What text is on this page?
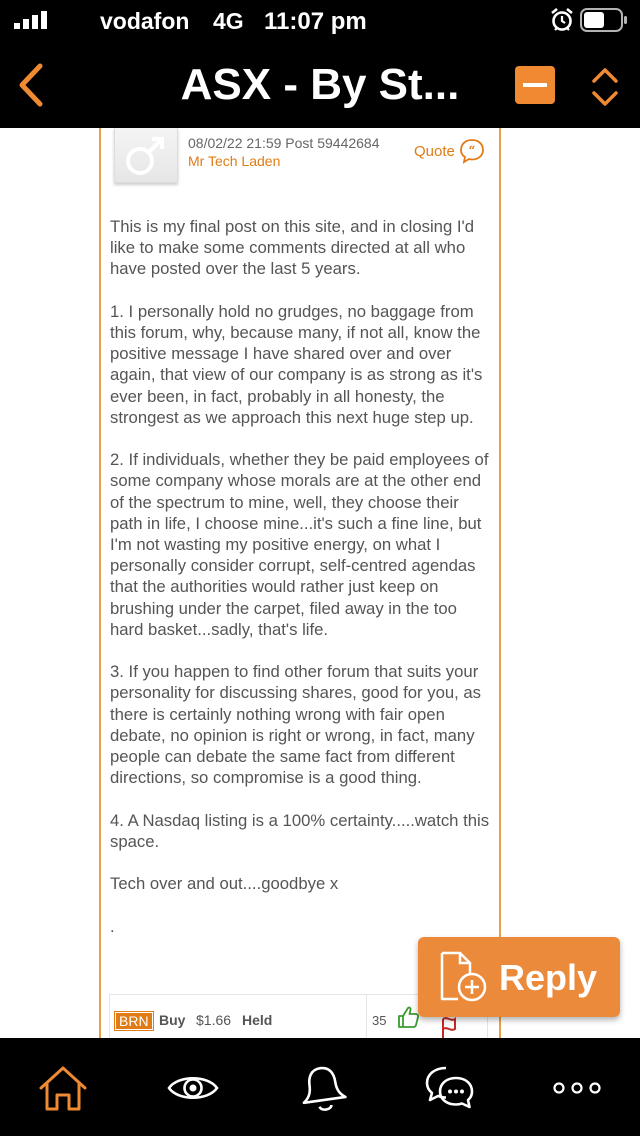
vodafon 4G 11:07 pm
ASX - By St...
08/02/22 21:59 Post 59442684
Mr Tech Laden
Quote “

This is my final post on this site, and in closing I'd like to make some comments directed at all who have posted over the last 5 years.

1. I personally hold no grudges, no baggage from this forum, why, because many, if not all, know the positive message I have shared over and over again, that view of our company is as strong as it's ever been, in fact, probably in all honesty, the strongest as we approach this next huge step up.

2. If individuals, whether they be paid employees of some company whose morals are at the other end of the spectrum to mine, well, they choose their path in life, I choose mine...it's such a fine line, but I'm not wasting my positive energy, on what I personally consider corrupt, self-centred agendas that the authorities would rather just keep on brushing under the carpet, filed away in the too hard basket...sadly, that's life.

3. If you happen to find other forum that suits your personality for discussing shares, good for you, as there is certainly nothing wrong with fair open debate, no opinion is right or wrong, in fact, many people can debate the same fact from different directions, so compromise is a good thing.

4. A Nasdaq listing is a 100% certainty.....watch this space.

Tech over and out....goodbye x

.

BRN Buy $1.66 Held	35
Reply
